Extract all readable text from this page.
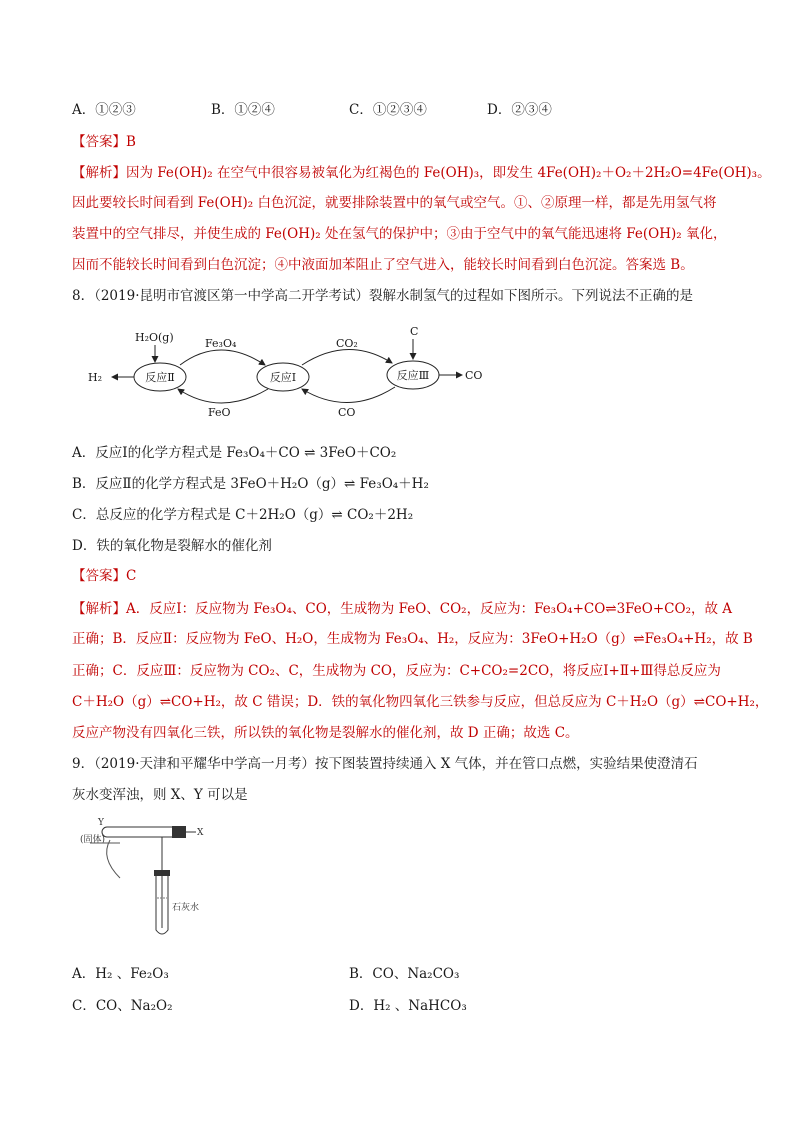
A．①②③	B．①②④	C．①②③④	D．②③④
【答案】B
【解析】因为 Fe(OH)₂ 在空气中很容易被氧化为红褐色的 Fe(OH)₃，即发生 4Fe(OH)₂＋O₂＋2H₂O=4Fe(OH)₃。
因此要较长时间看到 Fe(OH)₂ 白色沉淀，就要排除装置中的氧气或空气。①、②原理一样，都是先用氢气将
装置中的空气排尽，并使生成的 Fe(OH)₂ 处在氢气的保护中；③由于空气中的氧气能迅速将 Fe(OH)₂ 氧化，
因而不能较长时间看到白色沉淀；④中液面加苯阻止了空气进入，能较长时间看到白色沉淀。答案选 B。
8．（2019·昆明市官渡区第一中学高二开学考试）裂解水制氢气的过程如下图所示。下列说法不正确的是
反应Ⅱ	反应Ⅰ	反应Ⅲ
H₂O(g)
H₂
Fe₃O₄
FeO
CO₂
CO
C
CO
A．反应Ⅰ的化学方程式是 Fe₃O₄＋CO ⇌ 3FeO＋CO₂
B．反应Ⅱ的化学方程式是 3FeO＋H₂O（g）⇌ Fe₃O₄＋H₂
C．总反应的化学方程式是 C＋2H₂O（g）⇌ CO₂＋2H₂
D．铁的氧化物是裂解水的催化剂
【答案】C
【解析】A．反应Ⅰ：反应物为 Fe₃O₄、CO，生成物为 FeO、CO₂，反应为：Fe₃O₄+CO⇌3FeO+CO₂，故 A
正确；B．反应Ⅱ：反应物为 FeO、H₂O，生成物为 Fe₃O₄、H₂，反应为：3FeO+H₂O（g）⇌Fe₃O₄+H₂，故 B
正确；C．反应Ⅲ：反应物为 CO₂、C，生成物为 CO，反应为：C+CO₂=2CO，将反应Ⅰ+Ⅱ+Ⅲ得总反应为
C＋H₂O（g）⇌CO+H₂，故 C 错误；D．铁的氧化物四氧化三铁参与反应，但总反应为 C＋H₂O（g）⇌CO+H₂，
反应产物没有四氧化三铁，所以铁的氧化物是裂解水的催化剂，故 D 正确；故选 C。
9．（2019·天津和平耀华中学高一月考）按下图装置持续通入 X 气体，并在管口点燃，实验结果使澄清石
灰水变浑浊，则 X、Y 可以是
X
Y
(固体)
石灰水
A．H₂ 、Fe₂O₃	B．CO、Na₂CO₃
C．CO、Na₂O₂	D．H₂ 、NaHCO₃
